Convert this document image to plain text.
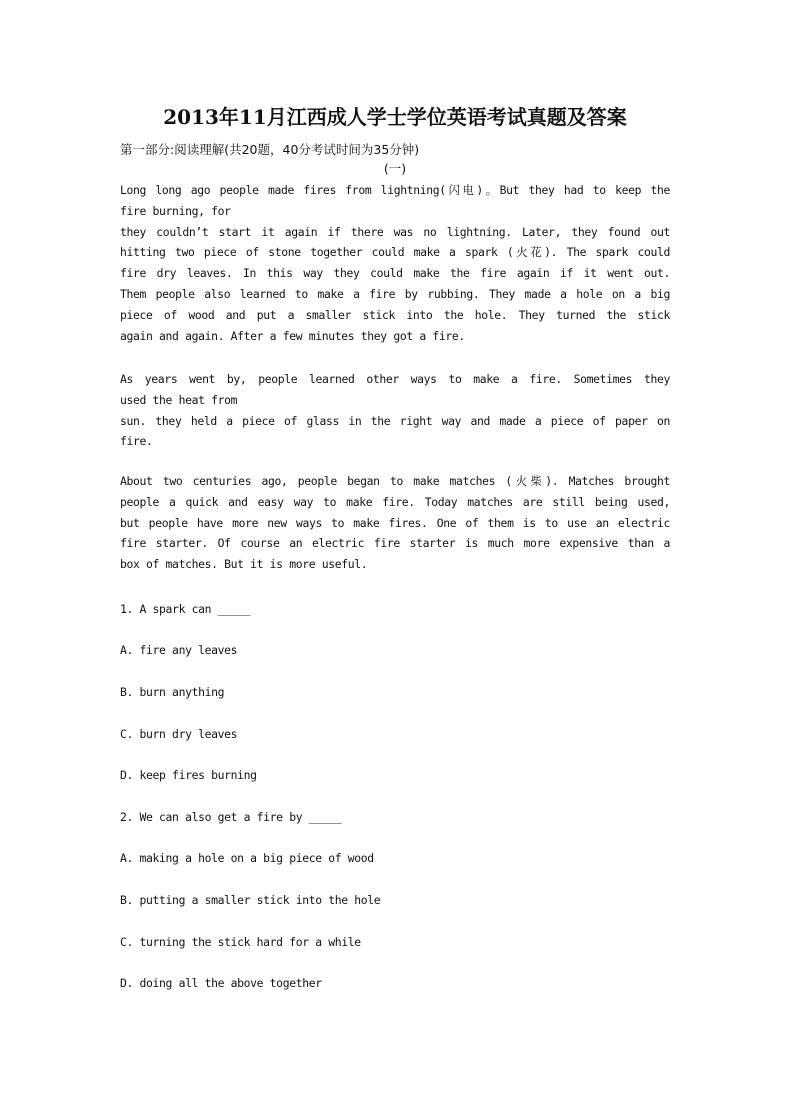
2013年11月江西成人学士学位英语考试真题及答案
第一部分:阅读理解(共20题，40分考试时间为35分钟)
(一)
Long long ago people made fires from lightning(闪电)。But they had to keep the
fire burning, for
they couldn’t start it again if there was no lightning. Later, they found out
hitting two piece of stone together could make a spark (火花). The spark could
fire dry leaves. In this way they could make the fire again if it went out.
Them people also learned to make a fire by rubbing. They made a hole on a big
piece of wood and put a smaller stick into the hole. They turned the stick
again and again. After a few minutes they got a fire.
As years went by, people learned other ways to make a fire. Sometimes they
used the heat from
sun. they held a piece of glass in the right way and made a piece of paper on
fire.
About two centuries ago, people began to make matches (火柴). Matches brought
people a quick and easy way to make fire. Today matches are still being used,
but people have more new ways to make fires. One of them is to use an electric
fire starter. Of course an electric fire starter is much more expensive than a
box of matches. But it is more useful.
1. A spark can _____
A. fire any leaves
B. burn anything
C. burn dry leaves
D. keep fires burning
2. We can also get a fire by _____
A. making a hole on a big piece of wood
B. putting a smaller stick into the hole
C. turning the stick hard for a while
D. doing all the above together
